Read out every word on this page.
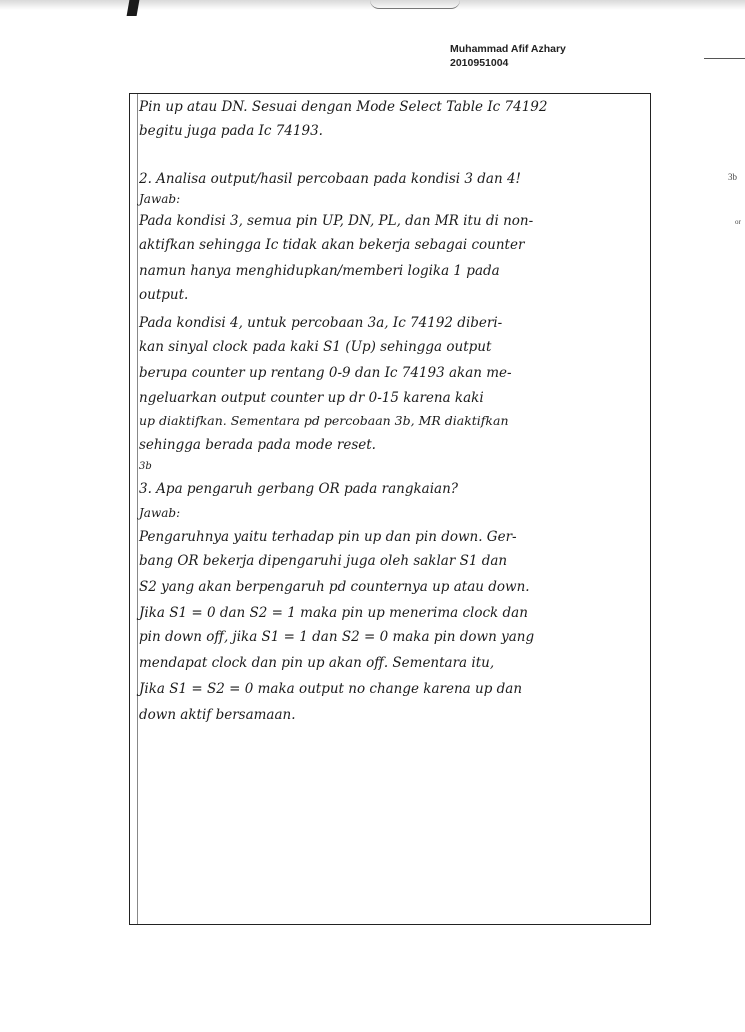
Muhammad Afif Azhary
2010951004
3b
or
Pin up atau DN. Sesuai dengan Mode Select Table Ic 74192
begitu juga pada Ic 74193.
2. Analisa output/hasil percobaan pada kondisi 3 dan 4!
Jawab:
Pada kondisi 3, semua pin UP, DN, PL, dan MR itu di non-
aktifkan sehingga Ic tidak akan bekerja sebagai counter
namun hanya menghidupkan/memberi logika 1 pada
output.
Pada kondisi 4, untuk percobaan 3a, Ic 74192 diberi-
kan sinyal clock pada kaki S1 (Up) sehingga output
berupa counter up rentang 0-9 dan Ic 74193 akan me-
ngeluarkan output counter up dr 0-15 karena kaki
up diaktifkan. Sementara pd percobaan 3b, MR diaktifkan
sehingga berada pada mode reset.
3b
3. Apa pengaruh gerbang OR pada rangkaian?
Jawab:
Pengaruhnya yaitu terhadap pin up dan pin down. Ger-
bang OR bekerja dipengaruhi juga oleh saklar S1 dan
S2 yang akan berpengaruh pd counternya up atau down.
Jika S1 = 0 dan S2 = 1 maka pin up menerima clock dan
pin down off, jika S1 = 1 dan S2 = 0 maka pin down yang
mendapat clock dan pin up akan off. Sementara itu,
Jika S1 = S2 = 0 maka output no change karena up dan
down aktif bersamaan.
